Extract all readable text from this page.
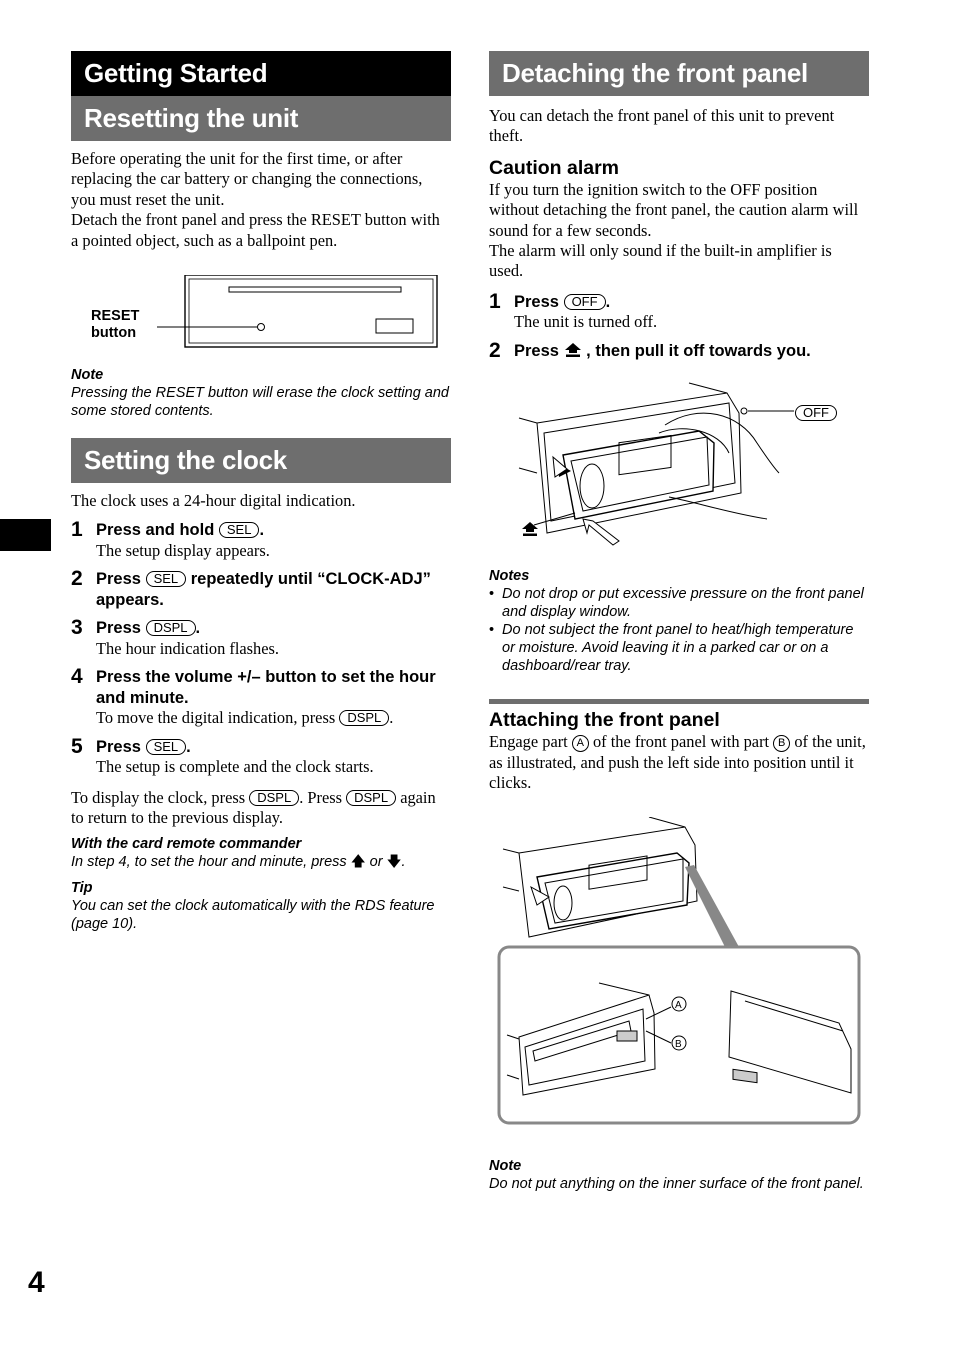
4
Getting Started
Resetting the unit
Before operating the unit for the first time, or after replacing the car battery or changing the connections, you must reset the unit.
Detach the front panel and press the RESET button with a pointed object, such as a ballpoint pen.
RESET
button
Note
Pressing the RESET button will erase the clock setting and some stored contents.
Setting the clock
The clock uses a 24-hour digital indication.
1 Press and hold SEL .
The setup display appears.
2 Press SEL repeatedly until “CLOCK-ADJ” appears.
3 Press DSPL .
The hour indication flashes.
4 Press the volume +/– button to set the hour and minute.
To move the digital indication, press DSPL .
5 Press SEL .
The setup is complete and the clock starts.
To display the clock, press DSPL . Press DSPL again to return to the previous display.
With the card remote commander
In step 4, to set the hour and minute, press 🡅 or 🡇.
Tip
You can set the clock automatically with the RDS feature (page 10).
Detaching the front panel
You can detach the front panel of this unit to prevent theft.
Caution alarm
If you turn the ignition switch to the OFF position without detaching the front panel, the caution alarm will sound for a few seconds.
The alarm will only sound if the built-in amplifier is used.
1 Press OFF .
The unit is turned off.
2 Press , then pull it off towards you.
OFF
Notes
• Do not drop or put excessive pressure on the front panel and display window.
• Do not subject the front panel to heat/high temperature or moisture. Avoid leaving it in a parked car or on a dashboard/rear tray.
Attaching the front panel
Engage part A of the front panel with part B of the unit, as illustrated, and push the left side into position until it clicks.
A
B
Note
Do not put anything on the inner surface of the front panel.
